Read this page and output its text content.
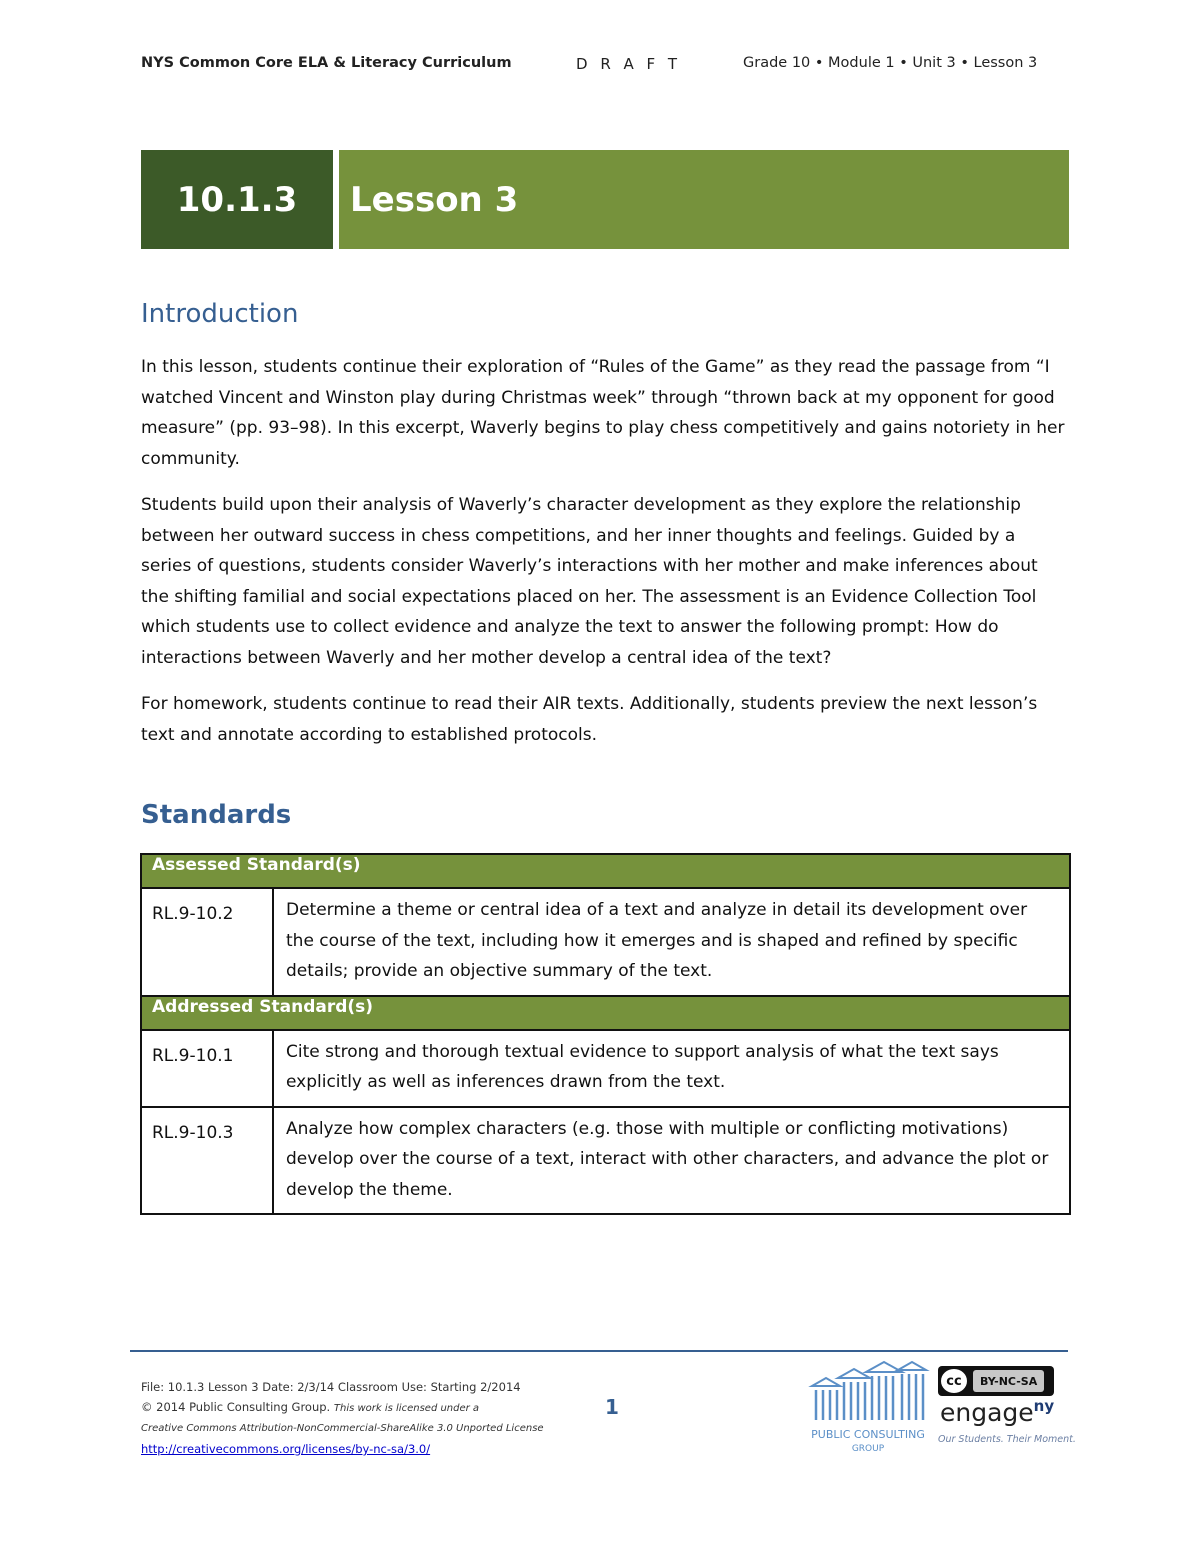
NYS Common Core ELA & Literacy Curriculum	D R A F T	Grade 10 • Module 1 • Unit 3 • Lesson 3
10.1.3	Lesson 3
Introduction
In this lesson, students continue their exploration of “Rules of the Game” as they read the passage from “I watched Vincent and Winston play during Christmas week” through “thrown back at my opponent for good measure” (pp. 93–98). In this excerpt, Waverly begins to play chess competitively and gains notoriety in her community.
Students build upon their analysis of Waverly’s character development as they explore the relationship between her outward success in chess competitions, and her inner thoughts and feelings. Guided by a series of questions, students consider Waverly’s interactions with her mother and make inferences about the shifting familial and social expectations placed on her. The assessment is an Evidence Collection Tool which students use to collect evidence and analyze the text to answer the following prompt: How do interactions between Waverly and her mother develop a central idea of the text?
For homework, students continue to read their AIR texts. Additionally, students preview the next lesson’s text and annotate according to established protocols.
Standards
Assessed Standard(s)	
RL.9-10.2	Determine a theme or central idea of a text and analyze in detail its development over the course of the text, including how it emerges and is shaped and refined by specific details; provide an objective summary of the text.
Addressed Standard(s)	
RL.9-10.1	Cite strong and thorough textual evidence to support analysis of what the text says explicitly as well as inferences drawn from the text.
RL.9-10.3	Analyze how complex characters (e.g. those with multiple or conflicting motivations) develop over the course of a text, interact with other characters, and advance the plot or develop the theme.
File: 10.1.3 Lesson 3 Date: 2/3/14 Classroom Use: Starting 2/2014
© 2014 Public Consulting Group. This work is licensed under a
Creative Commons Attribution-NonCommercial-ShareAlike 3.0 Unported License
http://creativecommons.org/licenses/by-nc-sa/3.0/
1
PUBLIC CONSULTING
GROUP
cc	BY-NC-SA
engage$^{ny}$
Our Students. Their Moment.
